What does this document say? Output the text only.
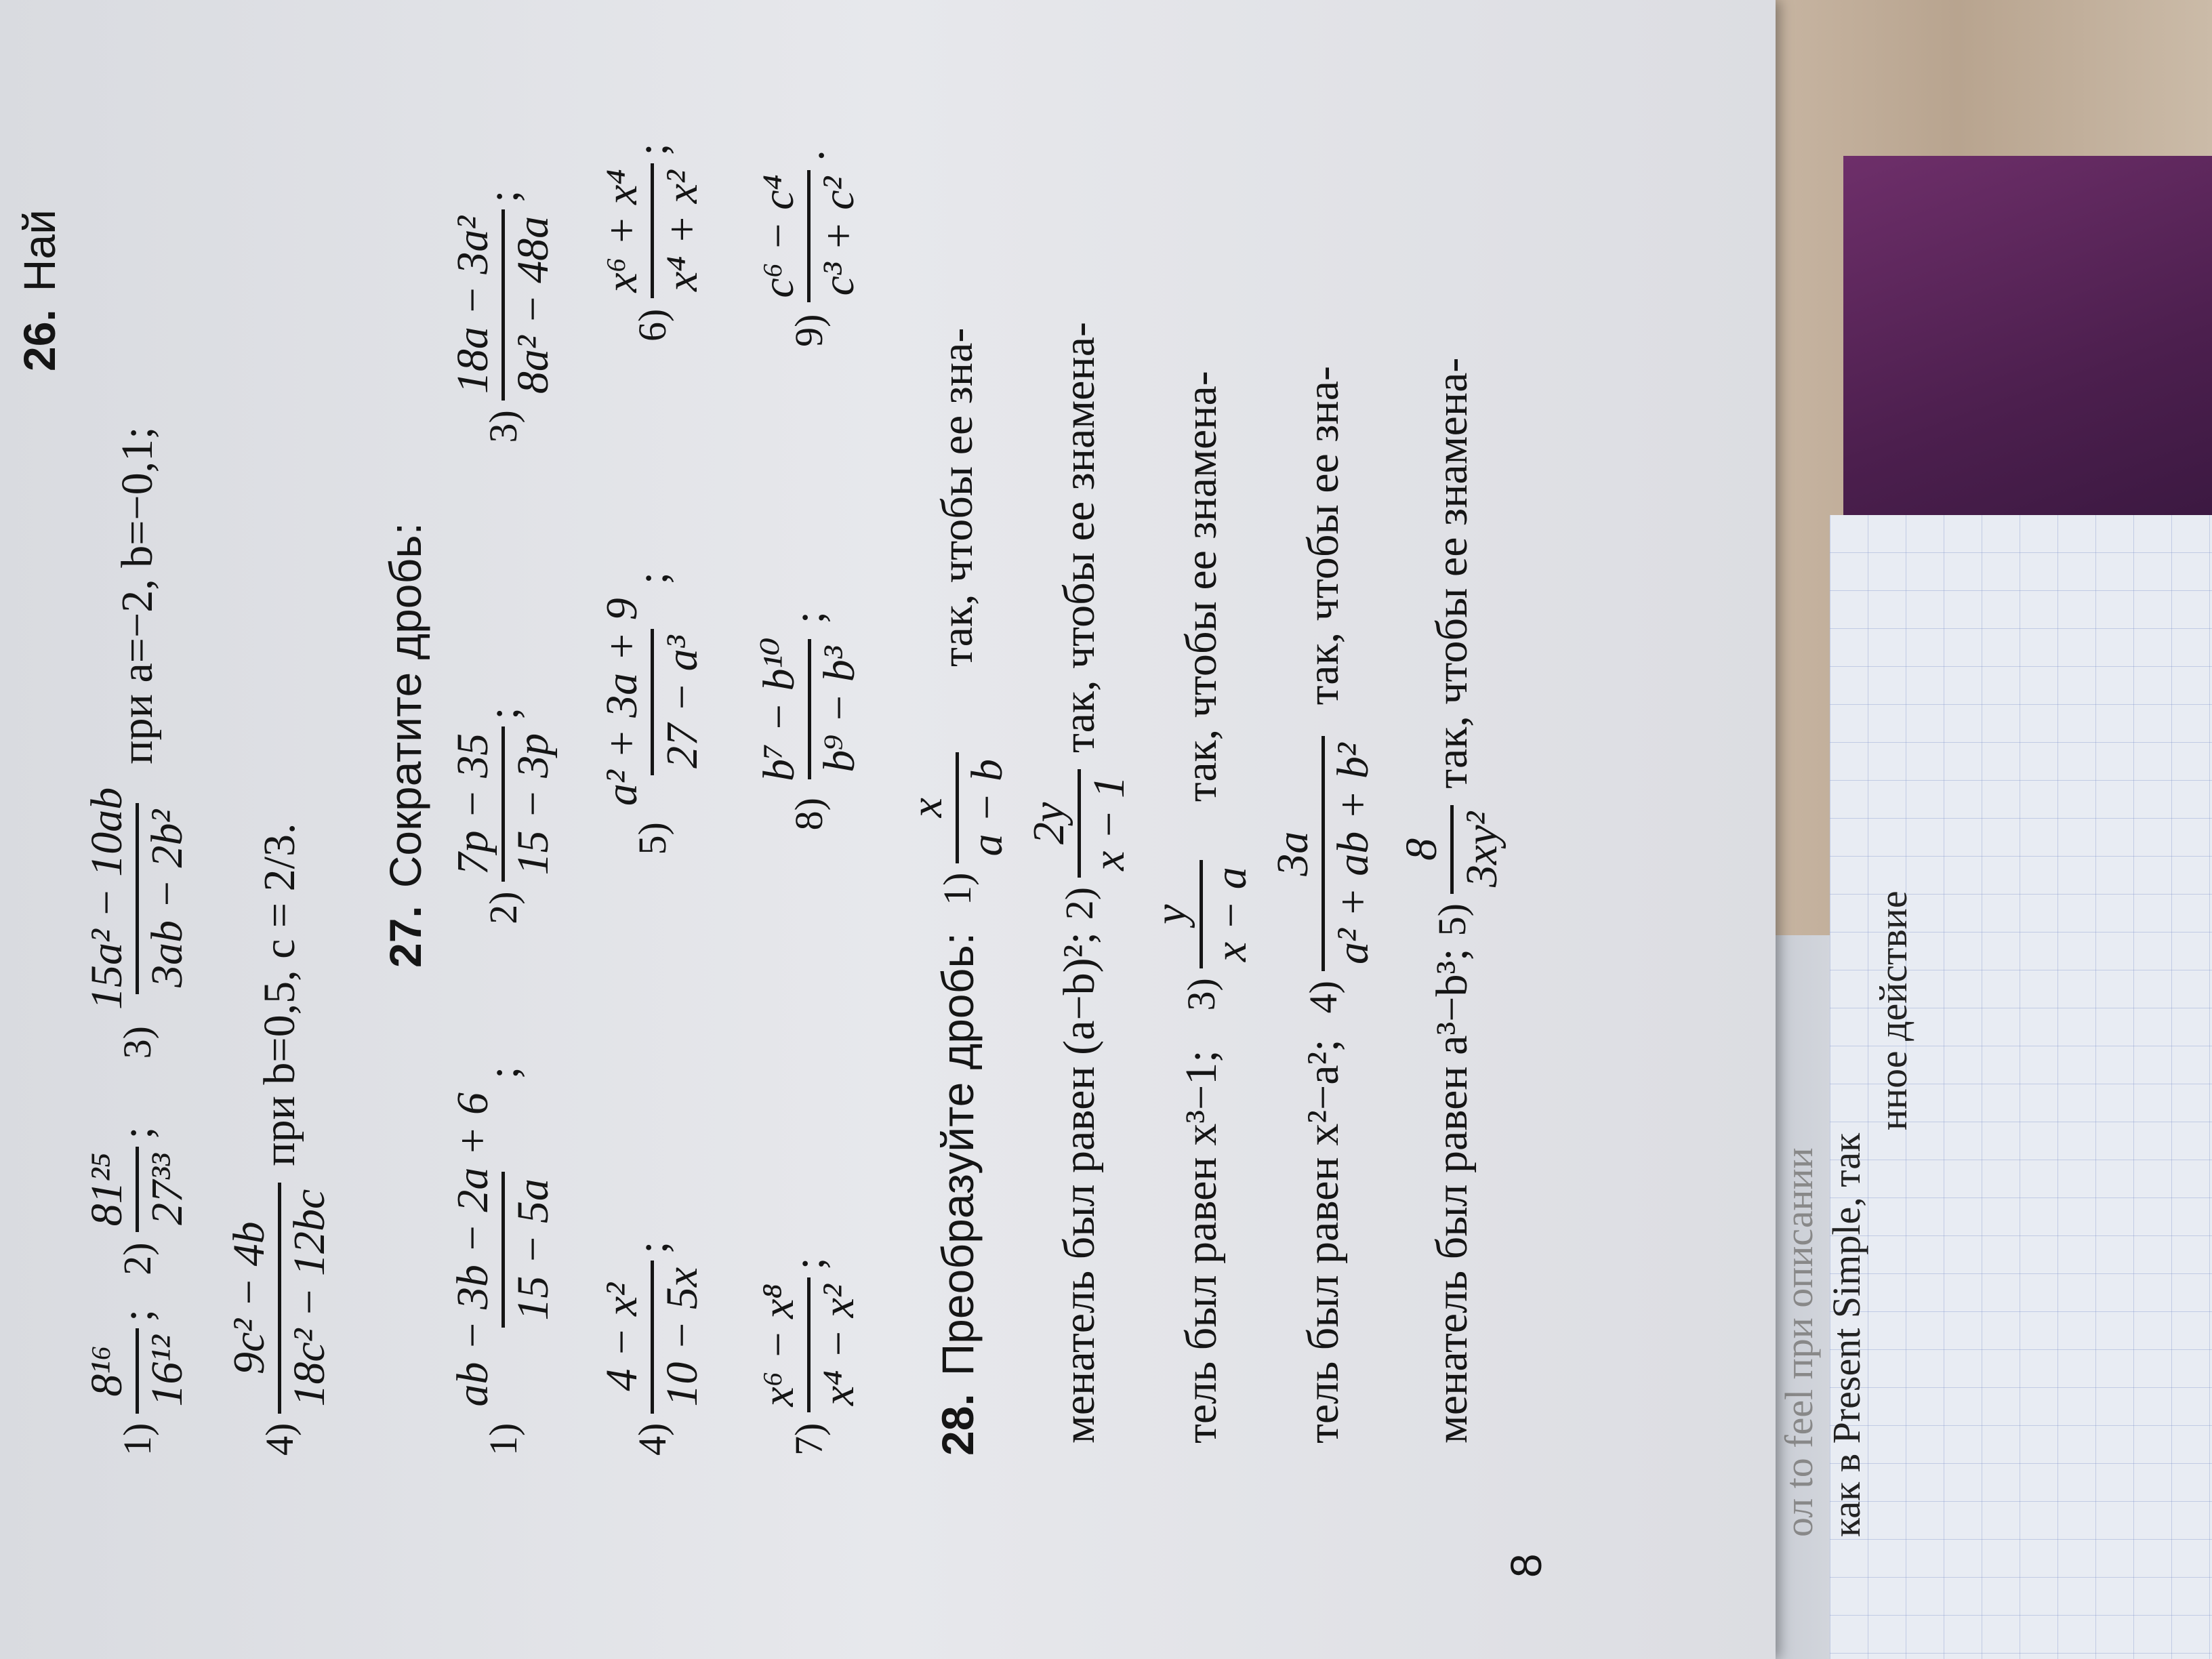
ол to feel при описании как в Present Simple, так
26.
Най
1)
8¹⁶ 16¹²
;
2)
81²⁵ 27³³
;
3)
15a² − 10ab 3ab − 2b²
при a=−2, b=−0,1;
4)
9c² − 4b 18c² − 12bc
при b=0,5, c = 2/3. 27.
Сократите дробь:
1)
ab − 3b − 2a + 6 15 − 5a
;
2)
7p − 35 15 − 3p
;
3)
18a − 3a² 8a² − 48a
;
4)
4 − x² 10 − 5x
;
5)
a² + 3a + 9 27 − a³
;
6)
x⁶ + x⁴ x⁴ + x²
;
7)
x⁶ − x⁸ x⁴ − x²
;
8)
b⁷ − b¹⁰ b⁹ − b³
;
9)
c⁶ − c⁴ c³ + c²
.
28.
Преобразуйте дробь:
1)
x a − b
так, чтобы ее зна-
менатель был равен (a−b)²;
2)
2y x − 1
так, чтобы ее знамена-
тель был равен x³−1;
3)
y x − a
так, чтобы ее знамена-
тель был равен x²−a²;
4)
3a a² + ab + b²
так, чтобы ее зна-
менатель был равен a³−b³;
5)
8 3xy²
так, чтобы ее знамена-
8
нное действие
